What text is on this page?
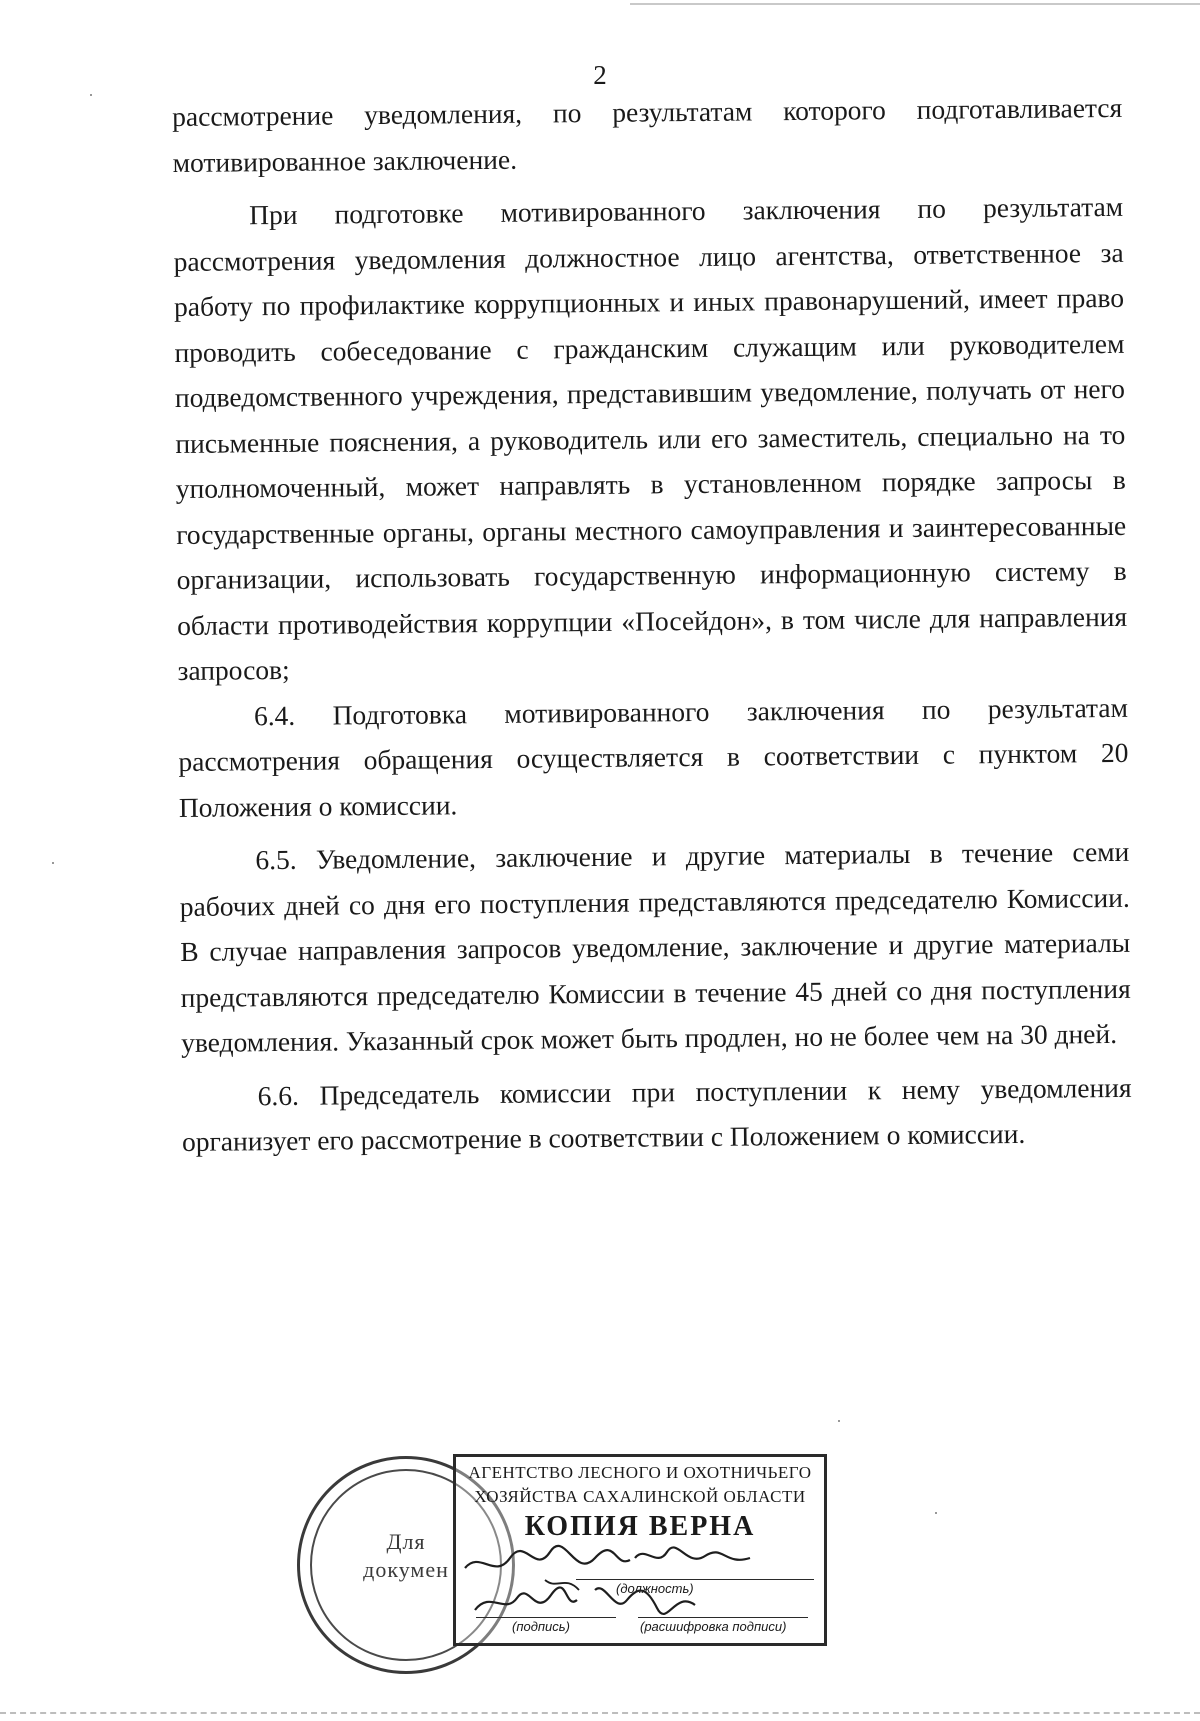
2

рассмотрение уведомления, по результатам которого подготавливается мотивированное заключение.

При подготовке мотивированного заключения по результатам рассмотрения уведомления должностное лицо агентства, ответственное за работу по профилактике коррупционных и иных правонарушений, имеет право проводить собеседование с гражданским служащим или руководителем подведомственного учреждения, представившим уведомление, получать от него письменные пояснения, а руководитель или его заместитель, специально на то уполномоченный, может направлять в установленном порядке запросы в государственные органы, органы местного самоуправления и заинтересованные организации, использовать государственную информационную систему в области противодействия коррупции «Посейдон», в том числе для направления запросов;

6.4. Подготовка мотивированного заключения по результатам рассмотрения обращения осуществляется в соответствии с пунктом 20 Положения о комиссии.

6.5. Уведомление, заключение и другие материалы в течение семи рабочих дней со дня его поступления представляются председателю Комиссии. В случае направления запросов уведомление, заключение и другие материалы представляются председателю Комиссии в течение 45 дней со дня поступления уведомления. Указанный срок может быть продлен, но не более чем на 30 дней.

6.6. Председатель комиссии при поступлении к нему уведомления организует его рассмотрение в соответствии с Положением о комиссии.

Для
докумен
АГЕНТСТВО ЛЕСНОГО И ОХОТНИЧЬЕГО
ХОЗЯЙСТВА САХАЛИНСКОЙ ОБЛАСТИ
КОПИЯ ВЕРНА
(должность)
(подпись)	(расшифровка подписи)
